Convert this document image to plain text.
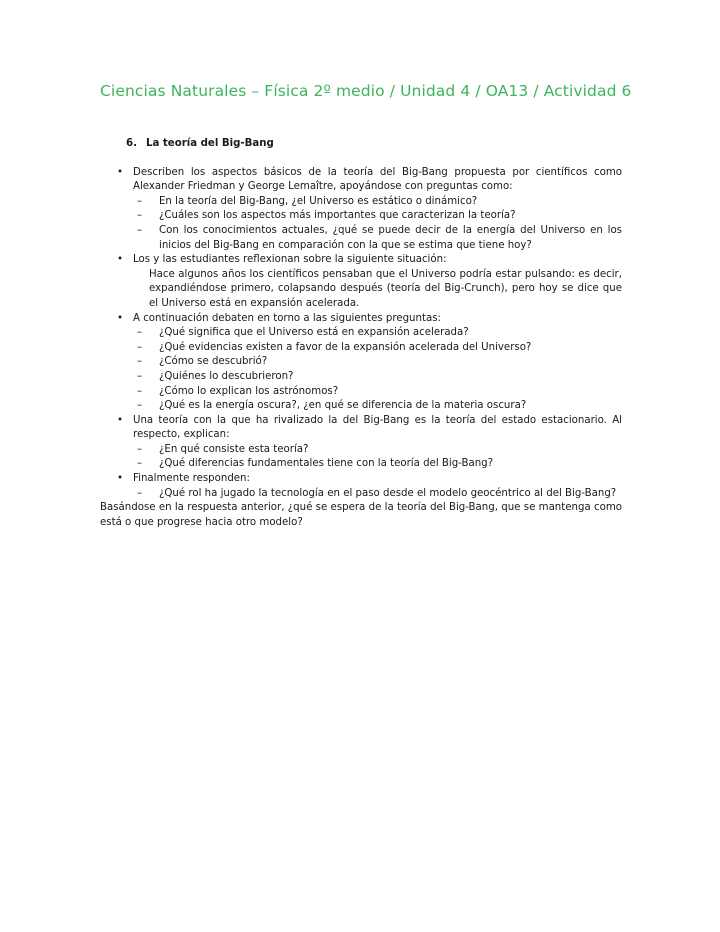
Ciencias Naturales – Física 2º medio / Unidad 4 / OA13 / Actividad 6
6. La teoría del Big-Bang
• Describen los aspectos básicos de la teoría del Big-Bang propuesta por científicos como Alexander Friedman y George Lemaître, apoyándose con preguntas como:
– En la teoría del Big-Bang, ¿el Universo es estático o dinámico?
– ¿Cuáles son los aspectos más importantes que caracterizan la teoría?
– Con los conocimientos actuales, ¿qué se puede decir de la energía del Universo en los inicios del Big-Bang en comparación con la que se estima que tiene hoy?
• Los y las estudiantes reflexionan sobre la siguiente situación:
Hace algunos años los científicos pensaban que el Universo podría estar pulsando: es decir, expandiéndose primero, colapsando después (teoría del Big-Crunch), pero hoy se dice que el Universo está en expansión acelerada.
• A continuación debaten en torno a las siguientes preguntas:
– ¿Qué significa que el Universo está en expansión acelerada?
– ¿Qué evidencias existen a favor de la expansión acelerada del Universo?
– ¿Cómo se descubrió?
– ¿Quiénes lo descubrieron?
– ¿Cómo lo explican los astrónomos?
– ¿Qué es la energía oscura?, ¿en qué se diferencia de la materia oscura?
• Una teoría con la que ha rivalizado la del Big-Bang es la teoría del estado estacionario. Al respecto, explican:
– ¿En qué consiste esta teoría?
– ¿Qué diferencias fundamentales tiene con la teoría del Big-Bang?
• Finalmente responden:
– ¿Qué rol ha jugado la tecnología en el paso desde el modelo geocéntrico al del Big-Bang?
Basándose en la respuesta anterior, ¿qué se espera de la teoría del Big-Bang, que se mantenga como está o que progrese hacia otro modelo?
